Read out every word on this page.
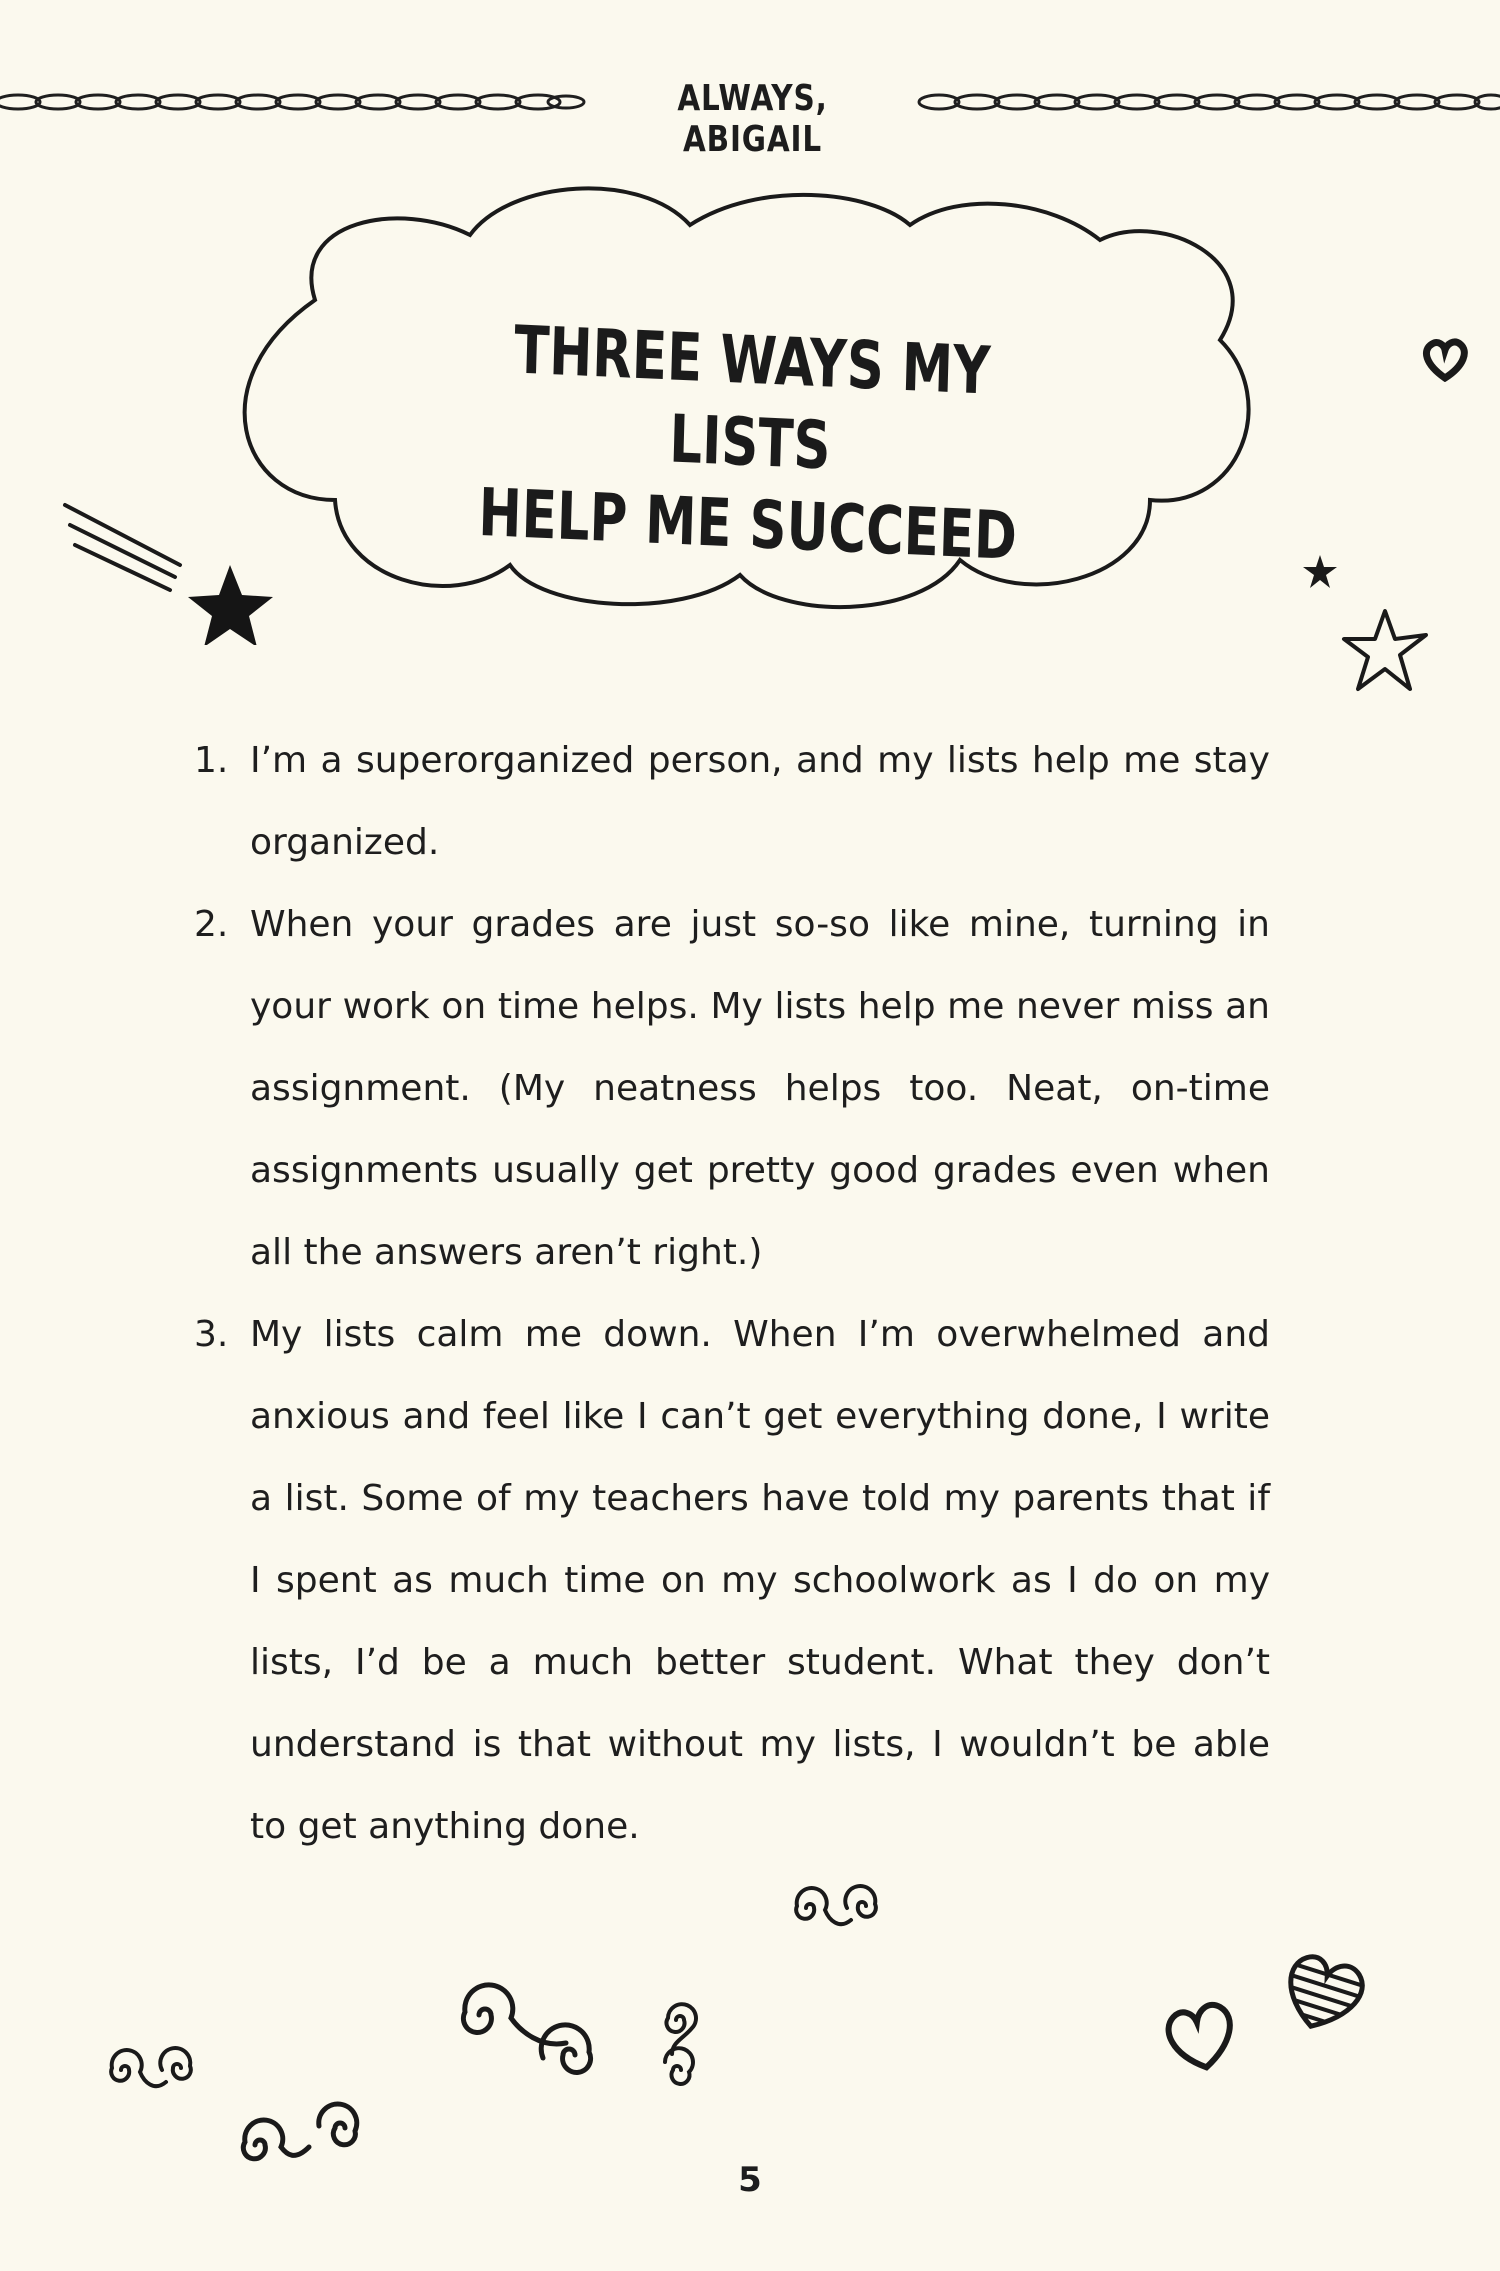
ALWAYS, ABIGAIL
THREE WAYS MY LISTS
HELP ME SUCCEED
1. I’m a superorganized person, and my lists help me stay organized.
2. When your grades are just so-so like mine, turning in your work on time helps. My lists help me never miss an assignment. (My neatness helps too. Neat, on-time assignments usually get pretty good grades even when all the answers aren’t right.)
3. My lists calm me down. When I’m overwhelmed and anxious and feel like I can’t get everything done, I write a list. Some of my teachers have told my parents that if I spent as much time on my schoolwork as I do on my lists, I’d be a much better student. What they don’t understand is that without my lists, I wouldn’t be able to get anything done.
5
